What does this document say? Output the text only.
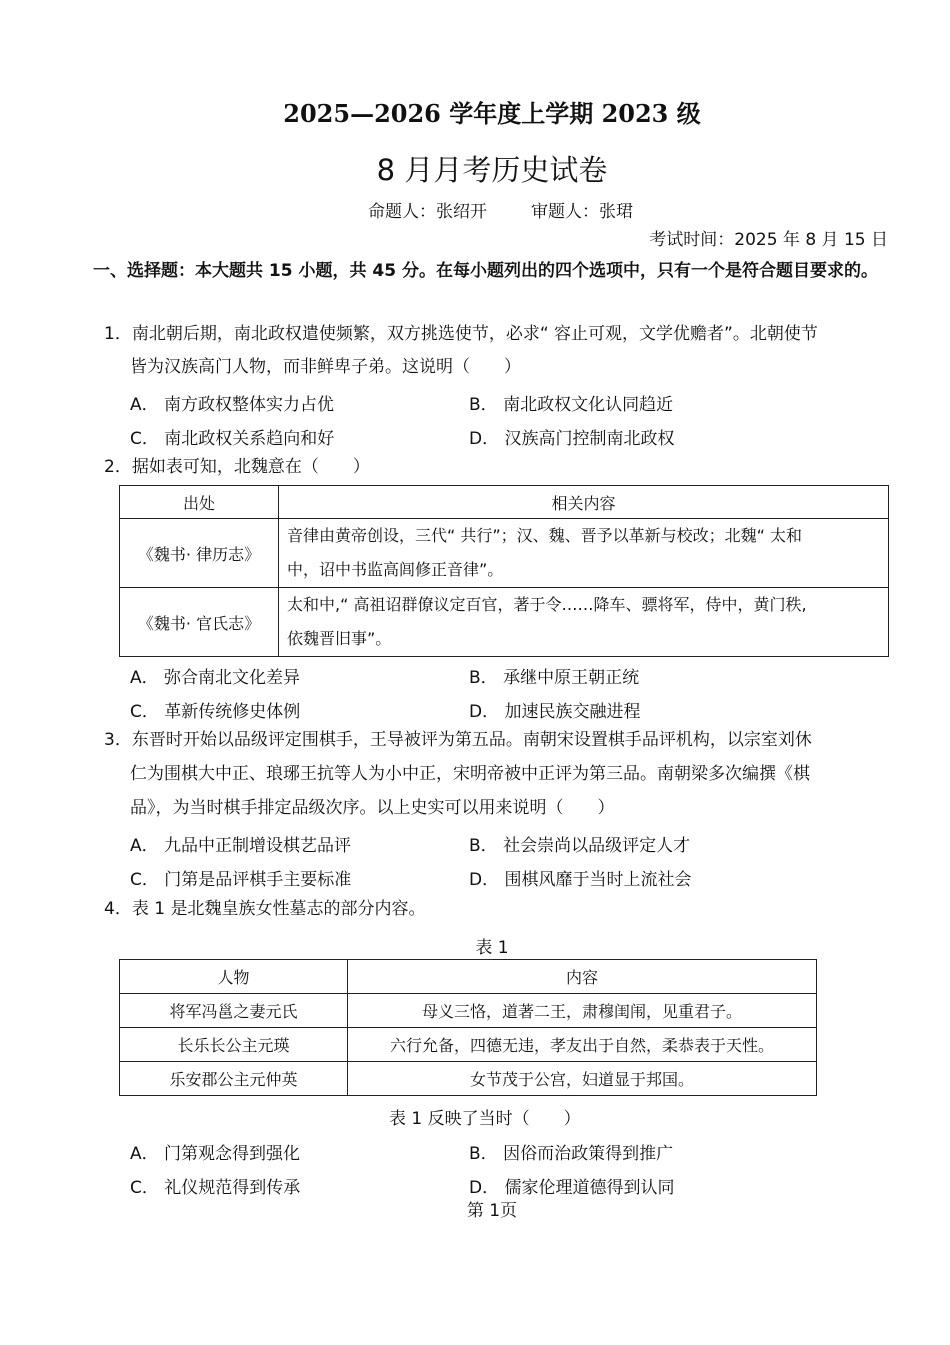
2025—2026 学年度上学期 2023 级
8 月月考历史试卷
命题人：张绍开	审题人：张珺
考试时间：2025 年 8 月 15 日
一、选择题：本大题共 15 小题，共 45 分。在每小题列出的四个选项中，只有一个是符合题目要求的。
1．南北朝后期，南北政权遣使频繁，双方挑选使节，必求“ 容止可观，文学优赡者”。北朝使节
皆为汉族高门人物，而非鲜卑子弟。这说明（　　）
A． 南方政权整体实力占优	B． 南北政权文化认同趋近
C． 南北政权关系趋向和好	D． 汉族高门控制南北政权
2．据如表可知，北魏意在（　　）
出处	相关内容
《魏书· 律历志》	音律由黄帝创设，三代“ 共行”；汉、魏、晋予以革新与校改；北魏“ 太和
中，诏中书监高闾修正音律”。

《魏书· 官氏志》	太和中,“ 高祖诏群僚议定百官，著于令……降车、骠将军，侍中，黄门秩,
依魏晋旧事”。
A． 弥合南北文化差异	B． 承继中原王朝正统
C． 革新传统修史体例	D． 加速民族交融进程
3．东晋时开始以品级评定围棋手，王导被评为第五品。南朝宋设置棋手品评机构，以宗室刘休
仁为围棋大中正、琅琊王抗等人为小中正，宋明帝被中正评为第三品。南朝梁多次编撰《棋
品》，为当时棋手排定品级次序。以上史实可以用来说明（　　）
A． 九品中正制增设棋艺品评	B． 社会崇尚以品级评定人才
C． 门第是品评棋手主要标准	D． 围棋风靡于当时上流社会
4．表 1 是北魏皇族女性墓志的部分内容。
表 1
人物	内容
将军冯邕之妻元氏	母义三恪，道著二王，肃穆闺闱，见重君子。
长乐长公主元瑛	六行允备，四德无违，孝友出于自然，柔恭表于天性。
乐安郡公主元仲英	女节茂于公宫，妇道显于邦国。
表 1 反映了当时（　　）
A． 门第观念得到强化	B． 因俗而治政策得到推广
C． 礼仪规范得到传承	D． 儒家伦理道德得到认同
第 1页
